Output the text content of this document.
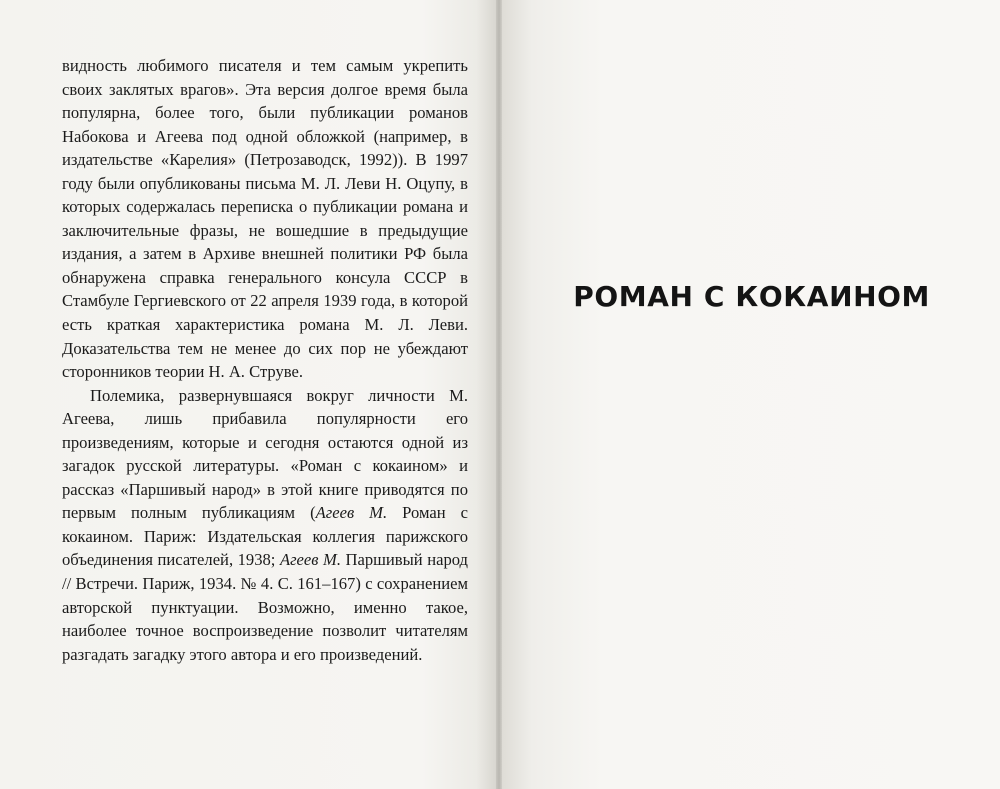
видность любимого писателя и тем самым укрепить своих заклятых врагов». Эта версия долгое время была популярна, более того, были публикации романов Набокова и Агеева под одной обложкой (например, в издательстве «Карелия» (Петрозаводск, 1992)). В 1997 году были опубликованы письма М. Л. Леви Н. Оцупу, в которых содержалась переписка о публикации романа и заключительные фразы, не вошедшие в предыдущие издания, а затем в Архиве внешней политики РФ была обнаружена справка генерального консула СССР в Стамбуле Гергиевского от 22 апреля 1939 года, в которой есть краткая характеристика романа М. Л. Леви. Доказательства тем не менее до сих пор не убеждают сторонников теории Н. А. Струве.

Полемика, развернувшаяся вокруг личности М. Агеева, лишь прибавила популярности его произведениям, которые и сегодня остаются одной из загадок русской литературы. «Роман с кокаином» и рассказ «Паршивый народ» в этой книге приводятся по первым полным публикациям (Агеев М. Роман с кокаином. Париж: Издательская коллегия парижского объединения писателей, 1938; Агеев М. Паршивый народ // Встречи. Париж, 1934. № 4. С. 161–167) с сохранением авторской пунктуации. Возможно, именно такое, наиболее точное воспроизведение позволит читателям разгадать загадку этого автора и его произведений.

РОМАН С КОКАИНОМ
